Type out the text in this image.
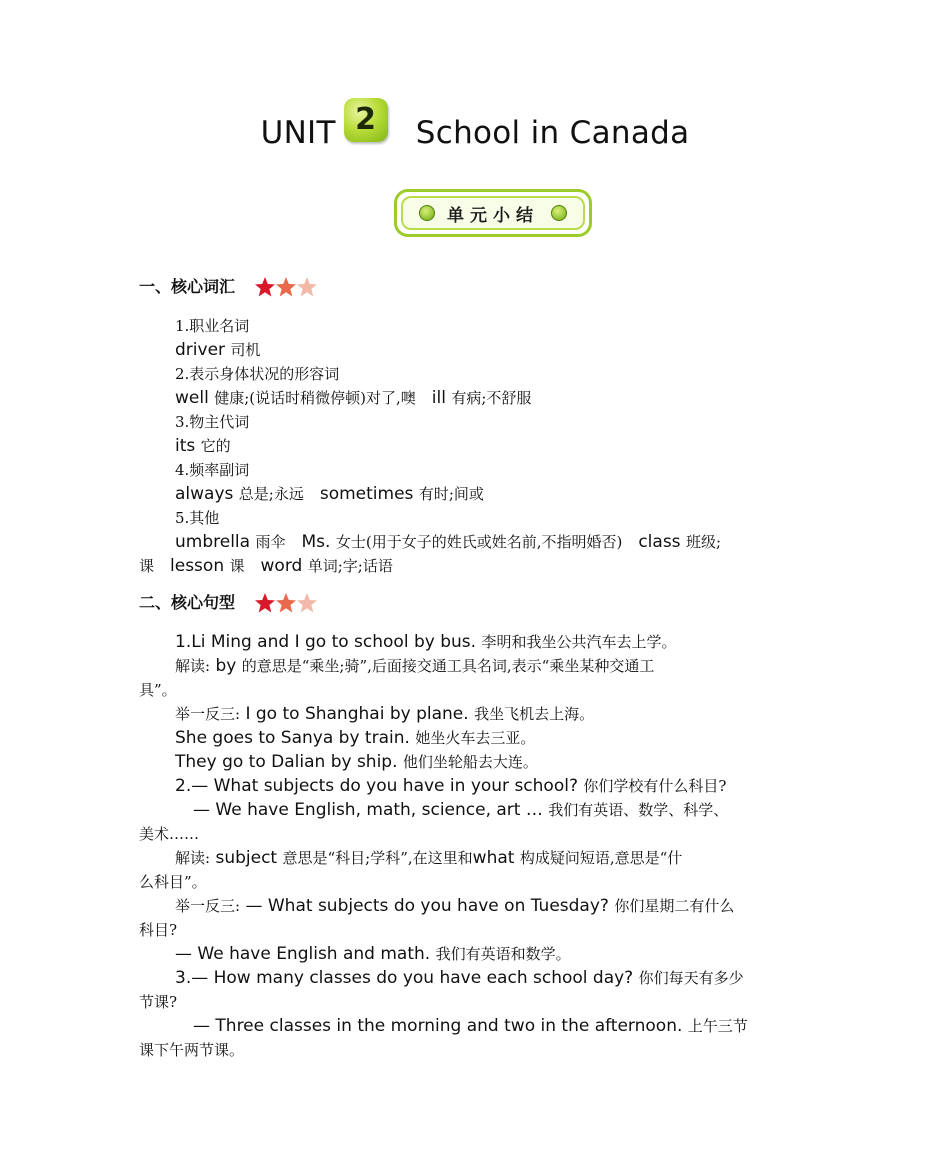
UNIT 2 School in Canada
单元小结
一、核心词汇
1.职业名词
driver 司机
2.表示身体状况的形容词
well 健康;(说话时稍微停顿)对了,噢 ill 有病;不舒服
3.物主代词
its 它的
4.频率副词
always 总是;永远 sometimes 有时;间或
5.其他
umbrella 雨伞 Ms. 女士(用于女子的姓氏或姓名前,不指明婚否) class 班级;
课 lesson 课 word 单词;字;话语
二、核心句型
1.Li Ming and I go to school by bus. 李明和我坐公共汽车去上学。
解读: by 的意思是“乘坐;骑”,后面接交通工具名词,表示“乘坐某种交通工
具”。
举一反三: I go to Shanghai by plane. 我坐飞机去上海。
She goes to Sanya by train. 她坐火车去三亚。
They go to Dalian by ship. 他们坐轮船去大连。
2.— What subjects do you have in your school? 你们学校有什么科目?
— We have English, math, science, art … 我们有英语、数学、科学、
美术……
解读: subject 意思是“科目;学科”,在这里和what 构成疑问短语,意思是“什
么科目”。
举一反三: — What subjects do you have on Tuesday? 你们星期二有什么
科目?
— We have English and math. 我们有英语和数学。
3.— How many classes do you have each school day? 你们每天有多少
节课?
— Three classes in the morning and two in the afternoon. 上午三节
课下午两节课。
